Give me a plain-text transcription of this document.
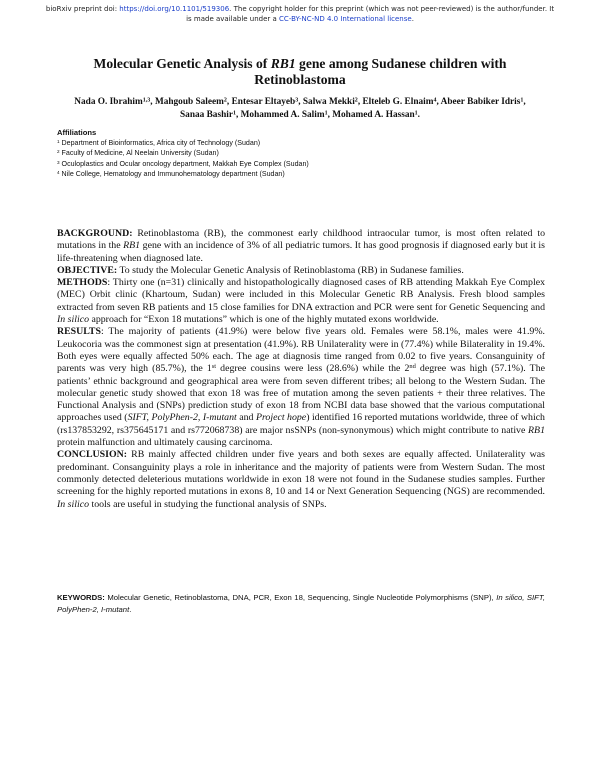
bioRxiv preprint doi: https://doi.org/10.1101/519306. The copyright holder for this preprint (which was not peer-reviewed) is the author/funder. It
is made available under a CC-BY-NC-ND 4.0 International license.
Molecular Genetic Analysis of RB1 gene among Sudanese children with Retinoblastoma
Nada O. Ibrahim$^{1,3}$, Mahgoub Saleem$^2$, Entesar Eltayeb$^3$, Salwa Mekki$^2$, Elteleb G. Elnaim$^4$, Abeer Babiker Idris$^1$,
Sanaa Bashir$^1$, Mohammed A. Salim$^1$, Mohamed A. Hassan$^1$.
Affiliations
$^1$ Department of Bioinformatics, Africa city of Technology (Sudan)
$^2$ Faculty of Medicine, Al Neelain University (Sudan)
$^3$ Oculoplastics and Ocular oncology department, Makkah Eye Complex (Sudan)
$^4$ Nile College, Hematology and Immunohematology department (Sudan)

BACKGROUND: Retinoblastoma (RB), the commonest early childhood intraocular tumor, is most often related to mutations in the RB1 gene with an incidence of 3% of all pediatric tumors. It has good prognosis if diagnosed early but it is life-threatening when diagnosed late.

OBJECTIVE: To study the Molecular Genetic Analysis of Retinoblastoma (RB) in Sudanese families.

METHODS: Thirty one (n=31) clinically and histopathologically diagnosed cases of RB attending Makkah Eye Complex (MEC) Orbit clinic (Khartoum, Sudan) were included in this Molecular Genetic RB Analysis. Fresh blood samples extracted from seven RB patients and 15 close families for DNA extraction and PCR were sent for Genetic Sequencing and In silico approach for “Exon 18 mutations” which is one of the highly mutated exons worldwide.

RESULTS: The majority of patients (41.9%) were below five years old. Females were 58.1%, males were 41.9%. Leukocoria was the commonest sign at presentation (41.9%). RB Unilaterality were in (77.4%) while Bilaterality in 19.4%. Both eyes were equally affected 50% each. The age at diagnosis time ranged from 0.02 to five years. Consanguinity of parents was very high (85.7%), the 1st degree cousins were less (28.6%) while the 2nd degree was high (57.1%). The patients’ ethnic background and geographical area were from seven different tribes; all belong to the Western Sudan. The molecular genetic study showed that exon 18 was free of mutation among the seven patients + their three relatives. The Functional Analysis and (SNPs) prediction study of exon 18 from NCBI data base showed that the various computational approaches used (SIFT, PolyPhen-2, I-mutant and Project hope) identified 16 reported mutations worldwide, three of which (rs137853292, rs375645171 and rs772068738) are major nsSNPs (non-synonymous) which might contribute to native RB1 protein malfunction and ultimately causing carcinoma.

CONCLUSION: RB mainly affected children under five years and both sexes are equally affected. Unilaterality was predominant. Consanguinity plays a role in inheritance and the majority of patients were from Western Sudan. The most commonly detected deleterious mutations worldwide in exon 18 were not found in the Sudanese studies samples. Further screening for the highly reported mutations in exons 8, 10 and 14 or Next Generation Sequencing (NGS) are recommended. In silico tools are useful in studying the functional analysis of SNPs.

KEYWORDS: Molecular Genetic, Retinoblastoma, DNA, PCR, Exon 18, Sequencing, Single Nucleotide Polymorphisms (SNP), In silico, SIFT, PolyPhen-2, I-mutant.
